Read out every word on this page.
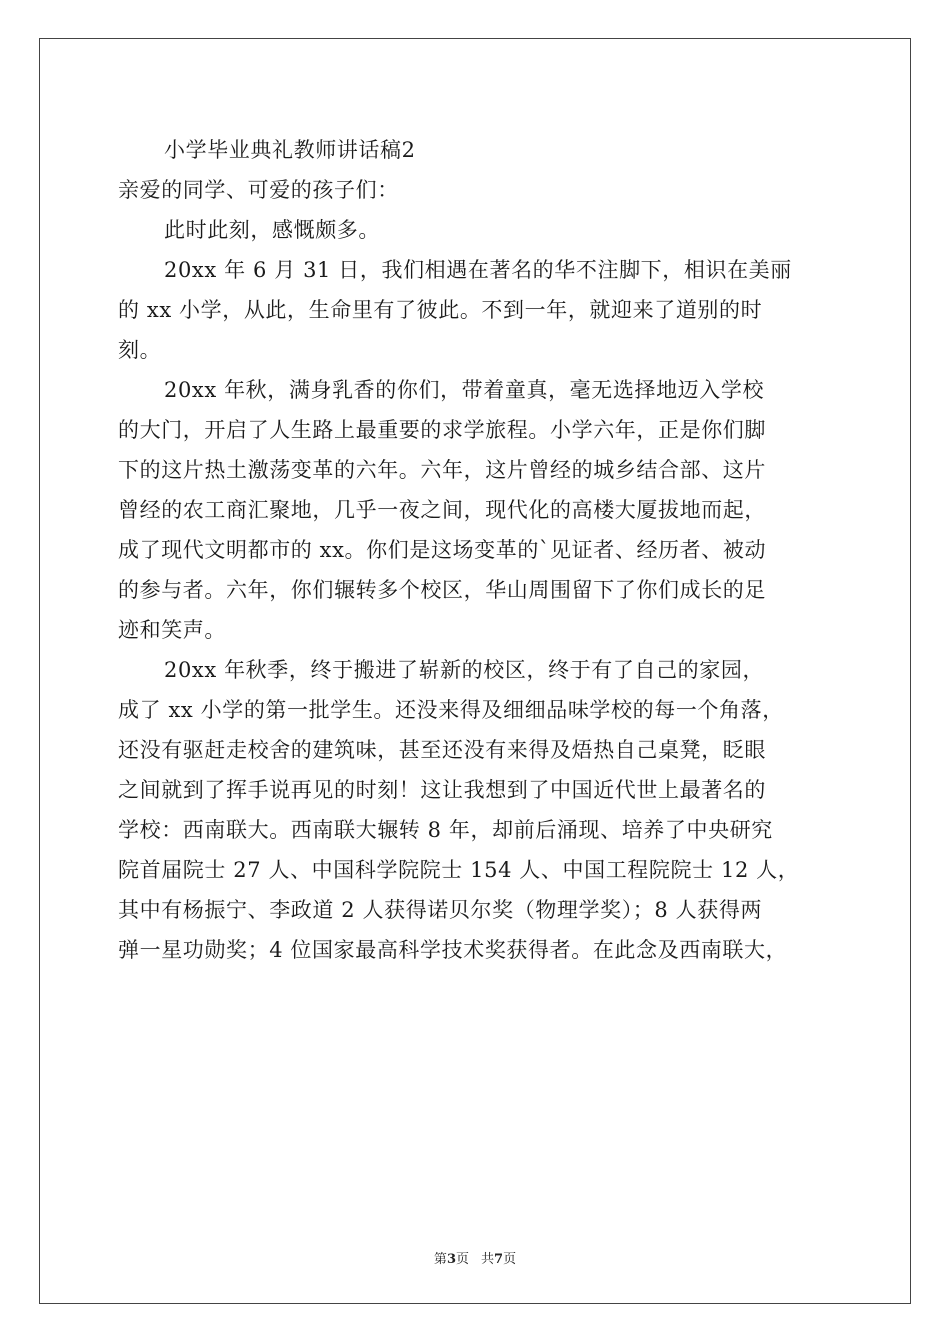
小学毕业典礼教师讲话稿2
亲爱的同学、可爱的孩子们：
此时此刻，感慨颇多。
20xx 年 6 月 31 日，我们相遇在著名的华不注脚下，相识在美丽
的 xx 小学，从此，生命里有了彼此。不到一年，就迎来了道别的时
刻。
20xx 年秋，满身乳香的你们，带着童真，毫无选择地迈入学校
的大门，开启了人生路上最重要的求学旅程。小学六年，正是你们脚
下的这片热土激荡变革的六年。六年，这片曾经的城乡结合部、这片
曾经的农工商汇聚地，几乎一夜之间，现代化的高楼大厦拔地而起，
成了现代文明都市的 xx。你们是这场变革的`见证者、经历者、被动
的参与者。六年，你们辗转多个校区，华山周围留下了你们成长的足
迹和笑声。
20xx 年秋季，终于搬进了崭新的校区，终于有了自己的家园，
成了 xx 小学的第一批学生。还没来得及细细品味学校的每一个角落，
还没有驱赶走校舍的建筑味，甚至还没有来得及焐热自己桌凳，眨眼
之间就到了挥手说再见的时刻！这让我想到了中国近代世上最著名的
学校：西南联大。西南联大辗转 8 年，却前后涌现、培养了中央研究
院首届院士 27 人、中国科学院院士 154 人、中国工程院院士 12 人，
其中有杨振宁、李政道 2 人获得诺贝尔奖（物理学奖）；8 人获得两
弹一星功勋奖；4 位国家最高科学技术奖获得者。在此念及西南联大，
第3页 共7页
